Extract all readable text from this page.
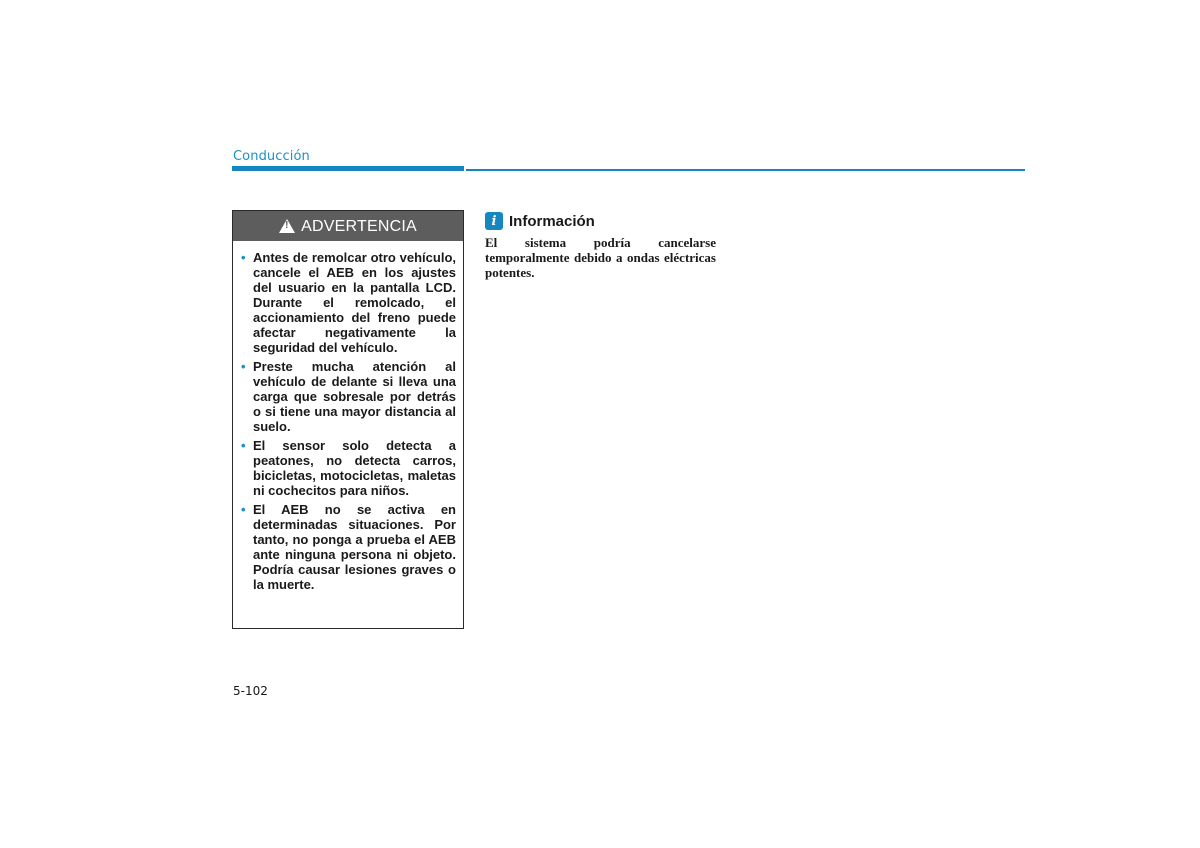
Conducción
!
ADVERTENCIA
• Antes de remolcar otro vehículo, cancele el AEB en los ajustes del usuario en la pantalla LCD. Durante el remolcado, el accionamiento del freno puede afectar negativamente la seguridad del vehículo.
• Preste mucha atención al vehículo de delante si lleva una carga que sobresale por detrás o si tiene una mayor distancia al suelo.
• El sensor solo detecta a peatones, no detecta carros, bicicletas, motocicletas, maletas ni cochecitos para niños.
• El AEB no se activa en determinadas situaciones. Por tanto, no ponga a prueba el AEB ante ninguna persona ni objeto. Podría causar lesiones graves o la muerte.
i Información

El sistema podría cancelarse temporalmente debido a ondas eléctricas potentes.

5-102
